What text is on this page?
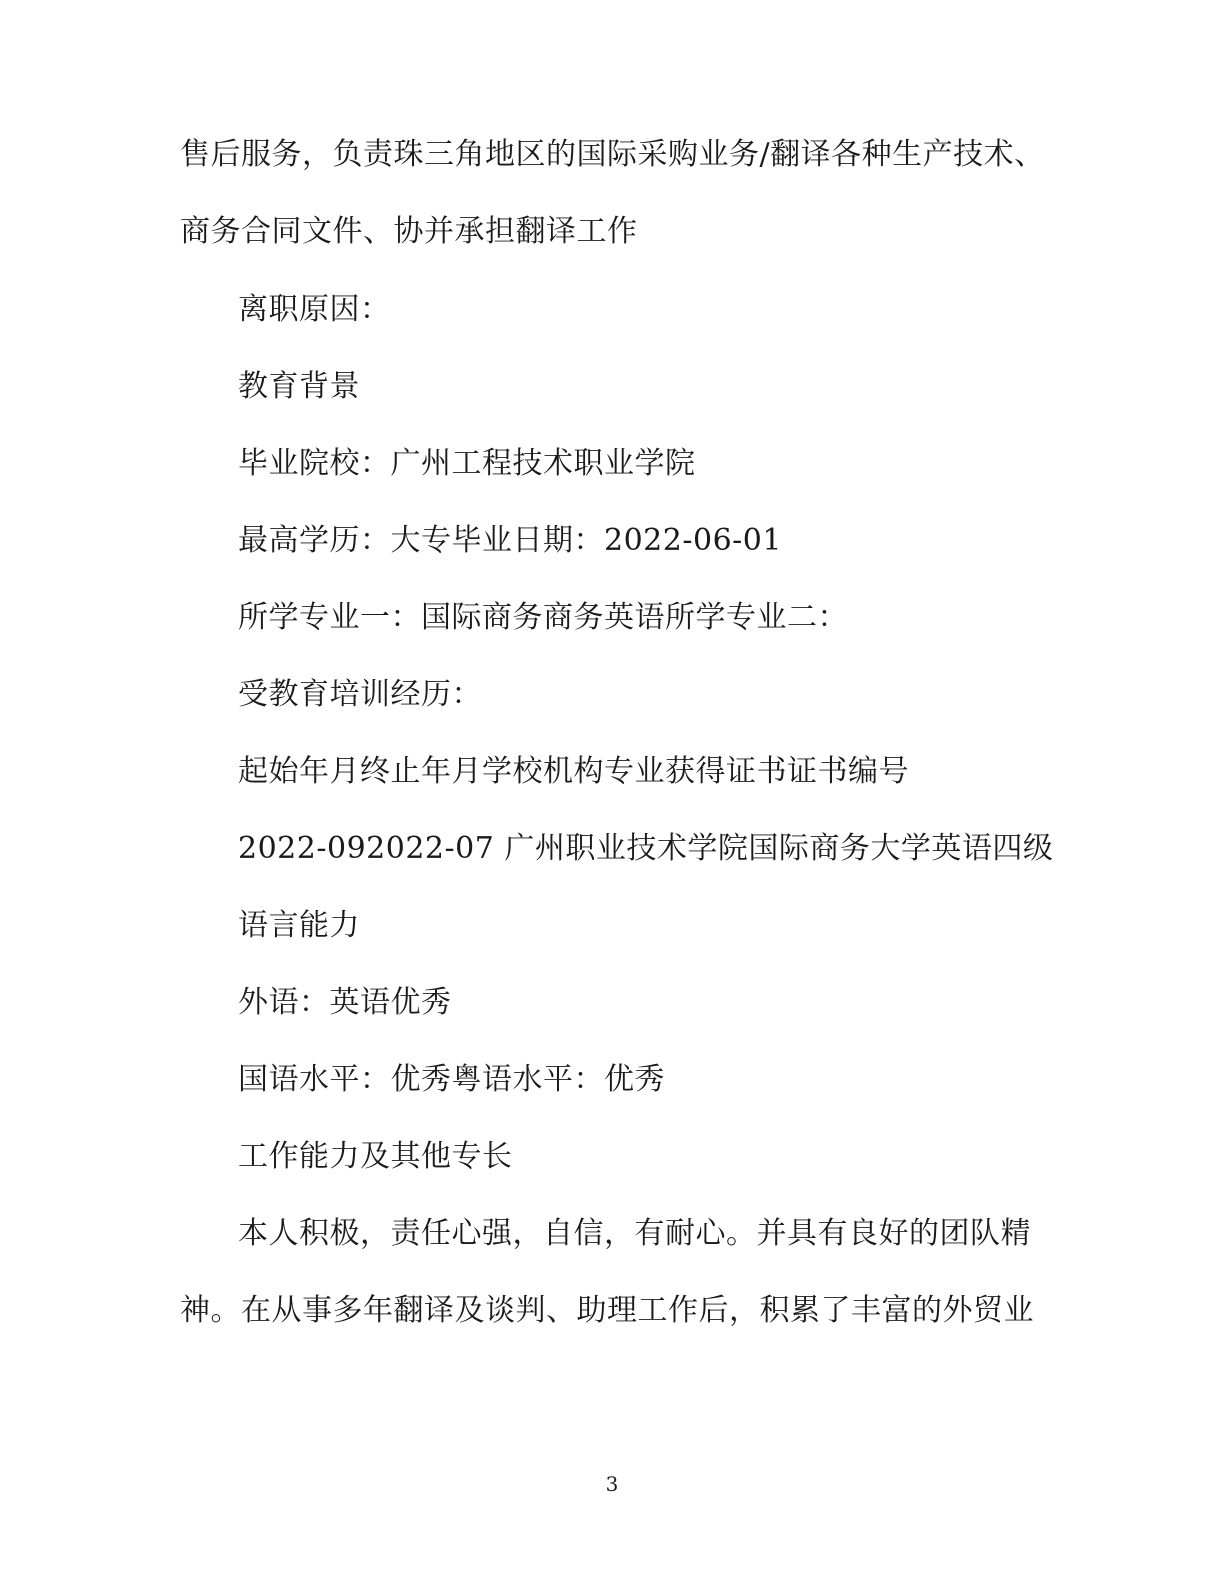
售后服务，负责珠三角地区的国际采购业务/翻译各种生产技术、
商务合同文件、协并承担翻译工作
离职原因：
教育背景
毕业院校：广州工程技术职业学院
最高学历：大专毕业日期：2022-06-01
所学专业一：国际商务商务英语所学专业二：
受教育培训经历：
起始年月终止年月学校机构专业获得证书证书编号
2022-092022-07 广州职业技术学院国际商务大学英语四级
语言能力
外语：英语优秀
国语水平：优秀粤语水平：优秀
工作能力及其他专长
本人积极，责任心强，自信，有耐心。并具有良好的团队精
神。在从事多年翻译及谈判、助理工作后，积累了丰富的外贸业
3
